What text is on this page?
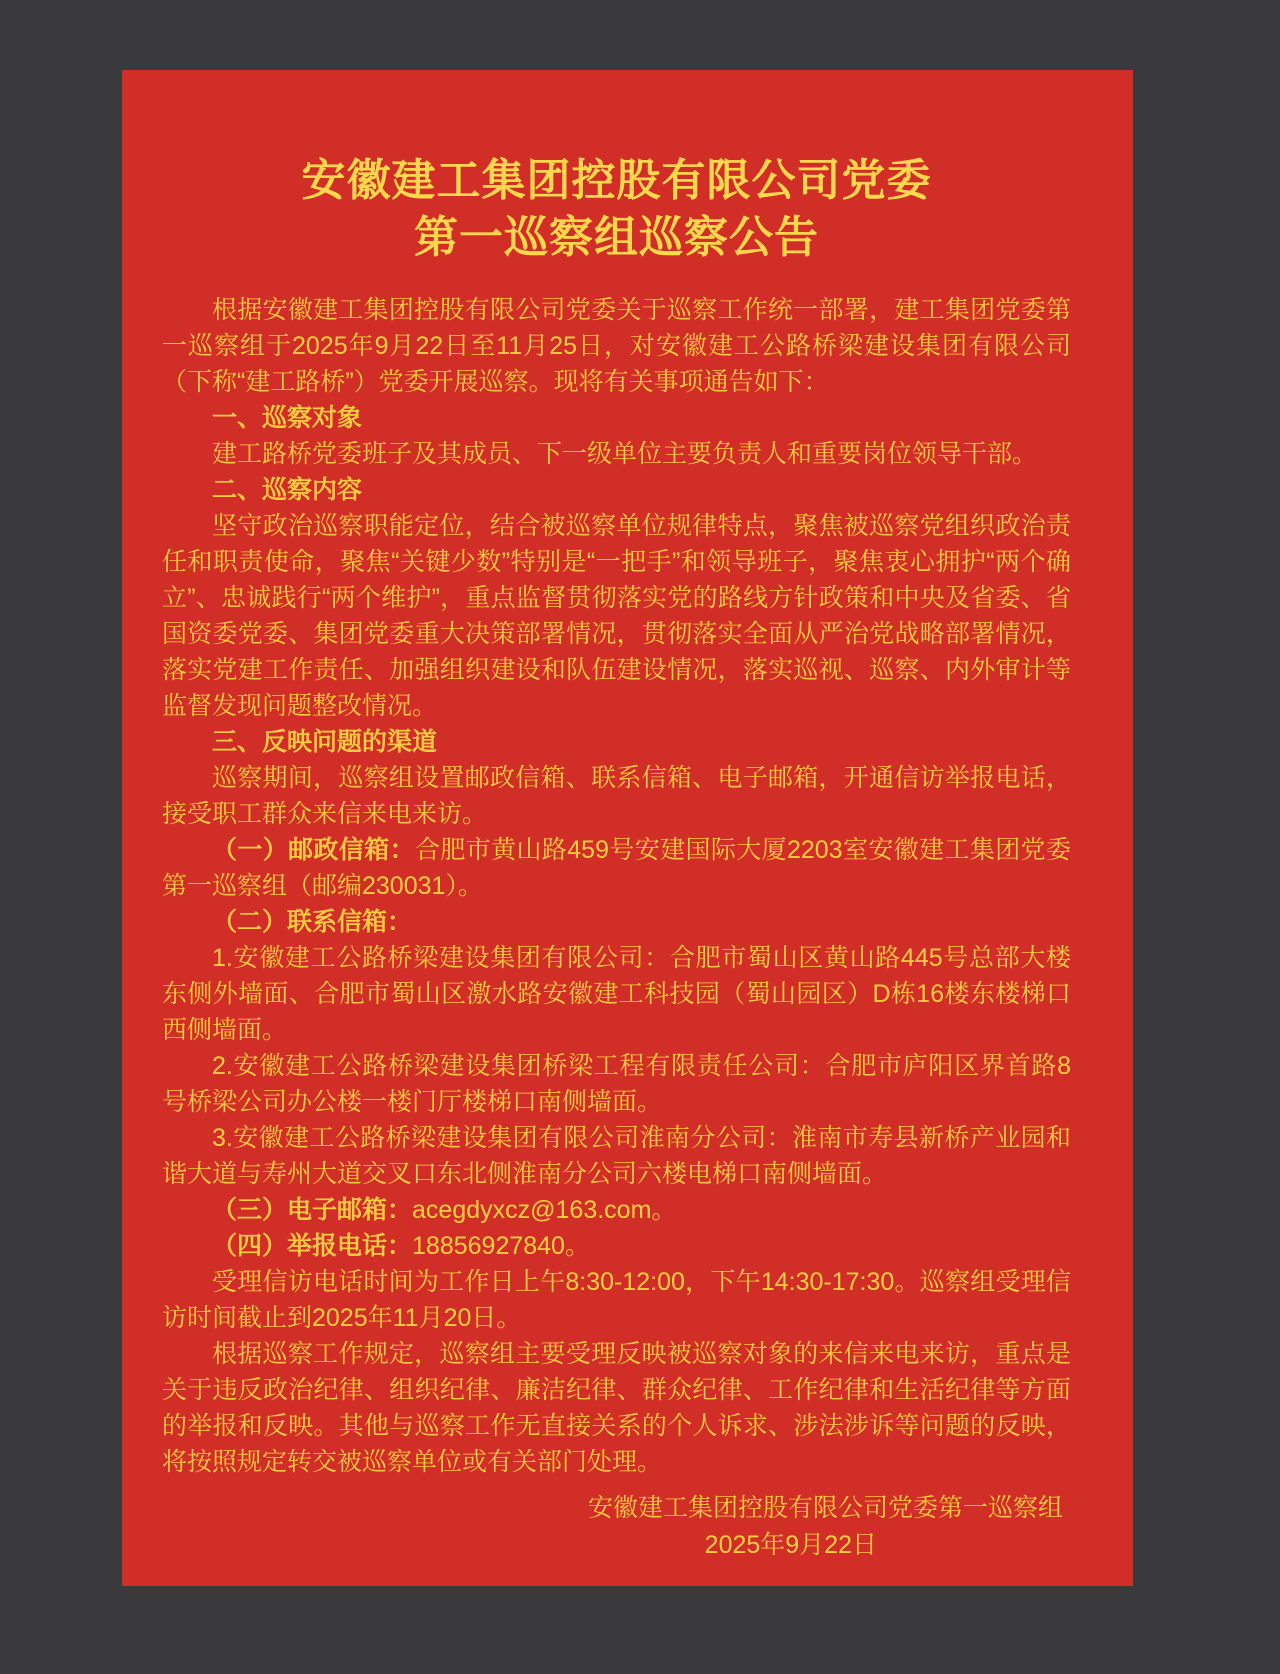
安徽建工集团控股有限公司党委
第一巡察组巡察公告

根据安徽建工集团控股有限公司党委关于巡察工作统一部署，建工集团党委第一巡察组于2025年9月22日至11月25日，对安徽建工公路桥梁建设集团有限公司（下称“建工路桥”）党委开展巡察。现将有关事项通告如下：

一、巡察对象

建工路桥党委班子及其成员、下一级单位主要负责人和重要岗位领导干部。

二、巡察内容

坚守政治巡察职能定位，结合被巡察单位规律特点，聚焦被巡察党组织政治责任和职责使命，聚焦“关键少数”特别是“一把手”和领导班子，聚焦衷心拥护“两个确立”、忠诚践行“两个维护”，重点监督贯彻落实党的路线方针政策和中央及省委、省国资委党委、集团党委重大决策部署情况，贯彻落实全面从严治党战略部署情况，落实党建工作责任、加强组织建设和队伍建设情况，落实巡视、巡察、内外审计等监督发现问题整改情况。

三、反映问题的渠道

巡察期间，巡察组设置邮政信箱、联系信箱、电子邮箱，开通信访举报电话，接受职工群众来信来电来访。

（一）邮政信箱：合肥市黄山路459号安建国际大厦2203室安徽建工集团党委第一巡察组（邮编230031）。

（二）联系信箱：

1.安徽建工公路桥梁建设集团有限公司：合肥市蜀山区黄山路445号总部大楼东侧外墙面、合肥市蜀山区激水路安徽建工科技园（蜀山园区）D栋16楼东楼梯口西侧墙面。

2.安徽建工公路桥梁建设集团桥梁工程有限责任公司：合肥市庐阳区界首路8号桥梁公司办公楼一楼门厅楼梯口南侧墙面。

3.安徽建工公路桥梁建设集团有限公司淮南分公司：淮南市寿县新桥产业园和谐大道与寿州大道交叉口东北侧淮南分公司六楼电梯口南侧墙面。

（三）电子邮箱：acegdyxcz@163.com。

（四）举报电话：18856927840。

受理信访电话时间为工作日上午8:30-12:00，下午14:30-17:30。巡察组受理信访时间截止到2025年11月20日。

根据巡察工作规定，巡察组主要受理反映被巡察对象的来信来电来访，重点是关于违反政治纪律、组织纪律、廉洁纪律、群众纪律、工作纪律和生活纪律等方面的举报和反映。其他与巡察工作无直接关系的个人诉求、涉法涉诉等问题的反映，将按照规定转交被巡察单位或有关部门处理。

安徽建工集团控股有限公司党委第一巡察组
2025年9月22日
